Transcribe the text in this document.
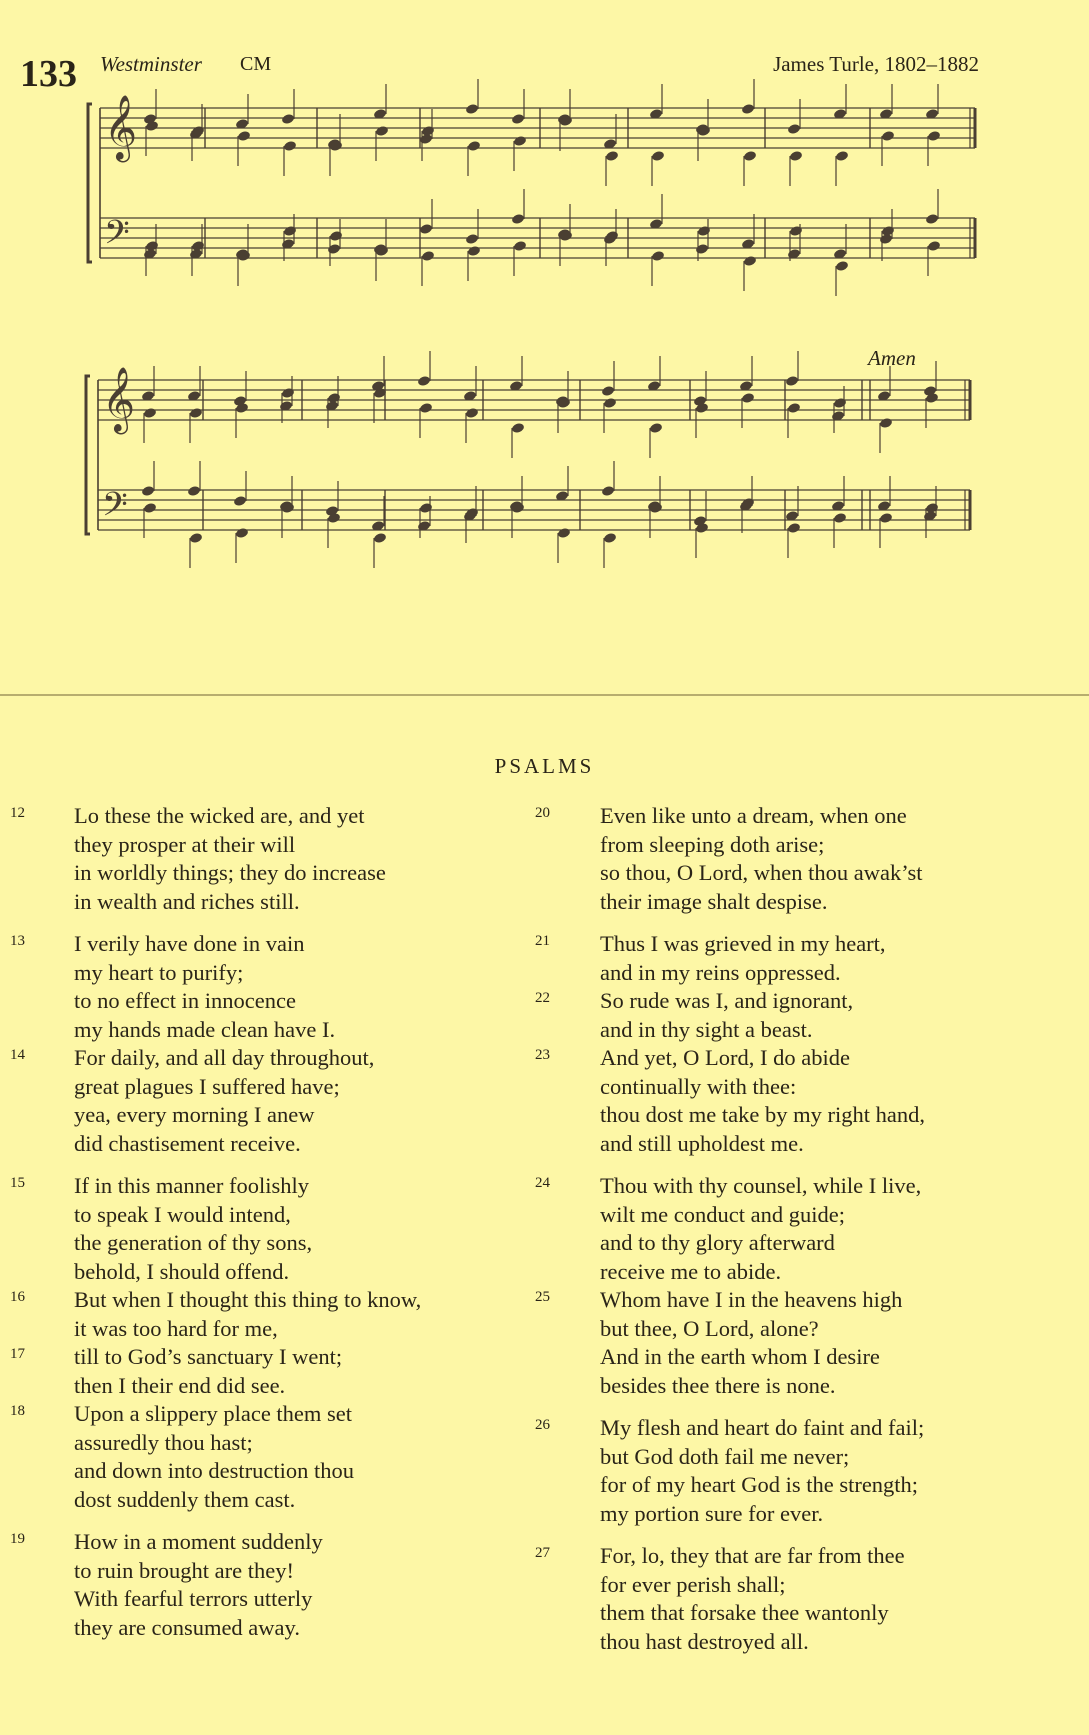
133 Westminster CM	James Turle, 1802–1882
𝄞
𝄢
𝄞
𝄢
Amen
PSALMS
12	Lo these the wicked are, and yet
they prosper at their will
in worldly things; they do increase
in wealth and riches still.
13	I verily have done in vain
my heart to purify;
to no effect in innocence
my hands made clean have I.
14	For daily, and all day throughout,
great plagues I suffered have;
yea, every morning I anew
did chastisement receive.
15	If in this manner foolishly
to speak I would intend,
the generation of thy sons,
behold, I should offend.
16	But when I thought this thing to know,
it was too hard for me,
17	till to God’s sanctuary I went;
then I their end did see.
18	Upon a slippery place them set
assuredly thou hast;
and down into destruction thou
dost suddenly them cast.
19	How in a moment suddenly
to ruin brought are they!
With fearful terrors utterly
they are consumed away.
20	Even like unto a dream, when one
from sleeping doth arise;
so thou, O Lord, when thou awak’st
their image shalt despise.
21	Thus I was grieved in my heart,
and in my reins oppressed.
22	So rude was I, and ignorant,
and in thy sight a beast.
23	And yet, O Lord, I do abide
continually with thee:
thou dost me take by my right hand,
and still upholdest me.
24	Thou with thy counsel, while I live,
wilt me conduct and guide;
and to thy glory afterward
receive me to abide.
25	Whom have I in the heavens high
but thee, O Lord, alone?
And in the earth whom I desire
besides thee there is none.
26	My flesh and heart do faint and fail;
but God doth fail me never;
for of my heart God is the strength;
my portion sure for ever.
27	For, lo, they that are far from thee
for ever perish shall;
them that forsake thee wantonly
thou hast destroyed all.
